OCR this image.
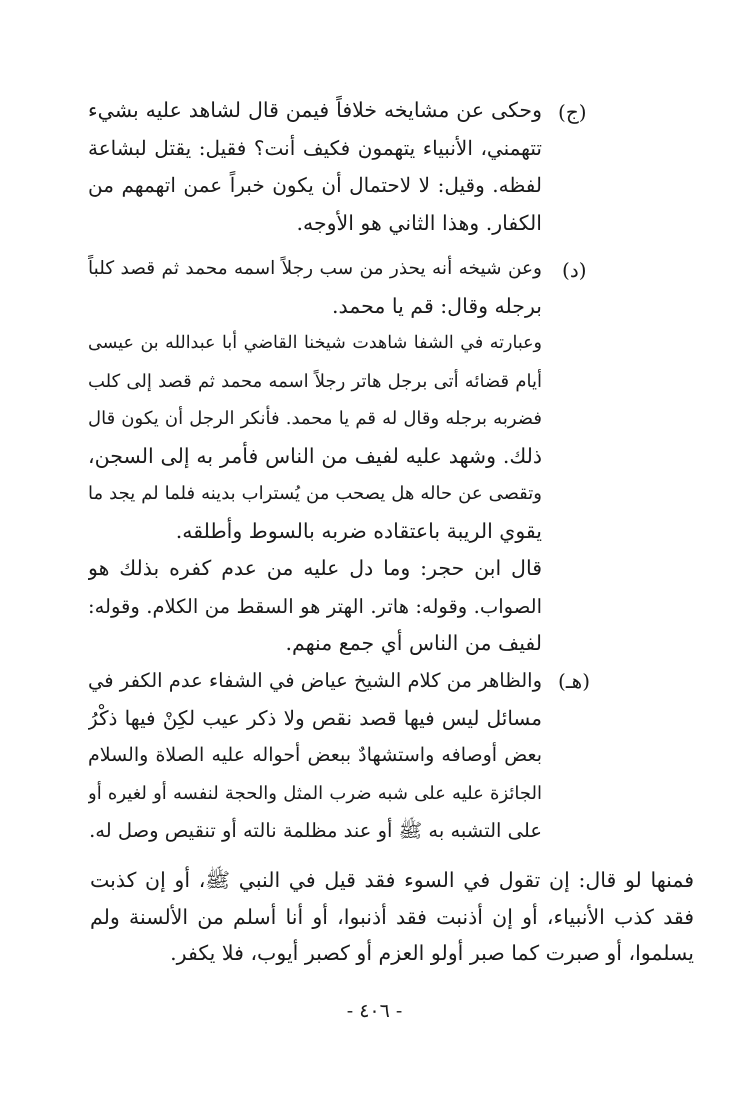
(ج)
وحكى عن مشايخه خلافاً فيمن قال لشاهد عليه بشيء
تتهمني، الأنبياء يتهمون فكيف أنت؟ فقيل: يقتل لبشاعة
لفظه. وقيل: لا لاحتمال أن يكون خبراً عمن اتهمهم من
الكفار. وهذا الثاني هو الأوجه.
(د)
وعن شيخه أنه يحذر من سب رجلاً اسمه محمد ثم قصد كلباً
برجله وقال: قم يا محمد.
وعبارته في الشفا شاهدت شيخنا القاضي أبا عبدالله بن عيسى
أيام قضائه أتى برجل هاتر رجلاً اسمه محمد ثم قصد إلى كلب
فضربه برجله وقال له قم يا محمد. فأنكر الرجل أن يكون قال
ذلك. وشهد عليه لفيف من الناس فأمر به إلى السجن،
وتقصى عن حاله هل يصحب من يُستراب بدينه فلما لم يجد ما
يقوي الريبة باعتقاده ضربه بالسوط وأطلقه.
قال ابن حجر: وما دل عليه من عدم كفره بذلك هو
الصواب. وقوله: هاتر. الهتر هو السقط من الكلام. وقوله:
لفيف من الناس أي جمع منهم.
(هـ)
والظاهر من كلام الشيخ عياض في الشفاء عدم الكفر في
مسائل ليس فيها قصد نقص ولا ذكر عيب لكِنْ فيها ذكْرُ
بعض أوصافه واستشهادٌ ببعض أحواله عليه الصلاة والسلام
الجائزة عليه على شبه ضرب المثل والحجة لنفسه أو لغيره أو
على التشبه به ﷺ أو عند مظلمة نالته أو تنقيص وصل له.
فمنها لو قال: إن تقول في السوء فقد قيل في النبي ﷺ، أو إن كذبت
فقد كذب الأنبياء، أو إن أذنبت فقد أذنبوا، أو أنا أسلم من الألسنة ولم
يسلموا، أو صبرت كما صبر أولو العزم أو كصبر أيوب، فلا يكفر.
- ٤٠٦ -
